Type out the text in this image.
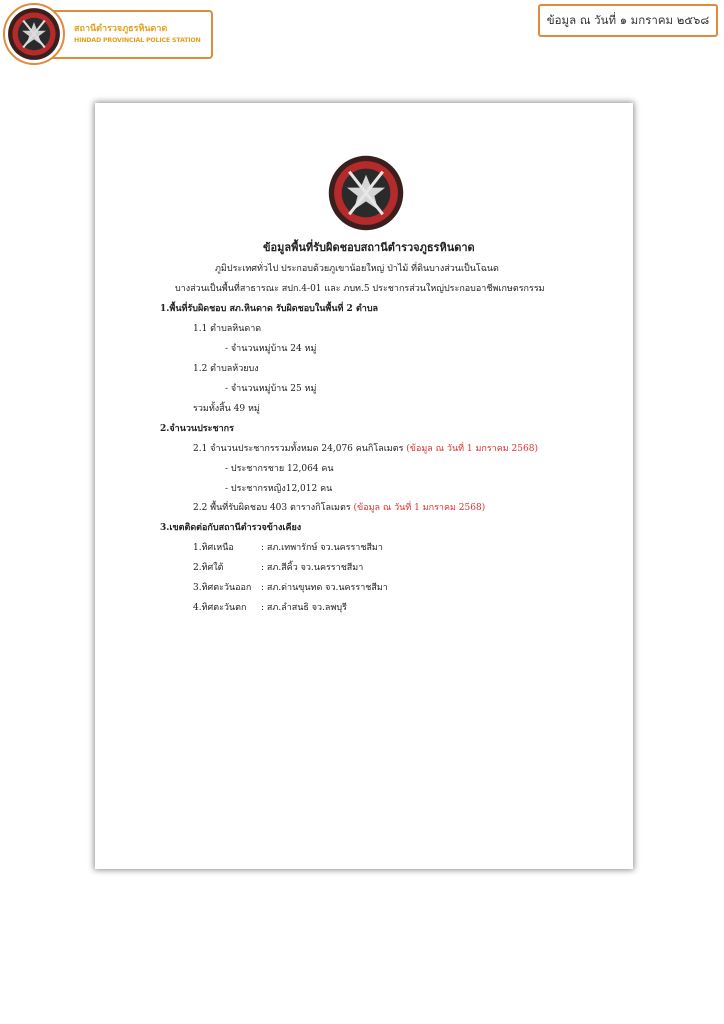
สถานีตำรวจภูธรหินดาด
HINDAD PROVINCIAL POLICE STATION
ข้อมูล ณ วันที่ ๑ มกราคม ๒๕๖๘
ข้อมูลพื้นที่รับผิดชอบสถานีตำรวจภูธรหินดาด
ภูมิประเทศทั่วไป ประกอบด้วยภูเขาน้อยใหญ่ ป่าไม้ ที่ดินบางส่วนเป็นโฉนด
บางส่วนเป็นพื้นที่สาธารณะ สปก.4-01 และ ภบท.5 ประชากรส่วนใหญ่ประกอบอาชีพเกษตรกรรม
1.พื้นที่รับผิดชอบ สภ.หินดาด รับผิดชอบในพื้นที่ 2 ตำบล
1.1 ตำบลหินดาด
- จำนวนหมู่บ้าน 24 หมู่
1.2 ตำบลห้วยบง
- จำนวนหมู่บ้าน 25 หมู่
รวมทั้งสิ้น 49 หมู่
2.จำนวนประชากร
2.1 จำนวนประชากรรวมทั้งหมด 24,076 คนกิโลเมตร (ข้อมูล ณ วันที่ 1 มกราคม 2568)
- ประชากรชาย 12,064 คน
- ประชากรหญิง12,012 คน
2.2 พื้นที่รับผิดชอบ 403 ตารางกิโลเมตร (ข้อมูล ณ วันที่ 1 มกราคม 2568)
3.เขตติดต่อกับสถานีตำรวจข้างเคียง
1.ทิศเหนือ	: สภ.เทพารักษ์ จว.นครราชสีมา
2.ทิศใต้	: สภ.สีคิ้ว จว.นครราชสีมา
3.ทิศตะวันออก : สภ.ด่านขุนทด จว.นครราชสีมา
4.ทิศตะวันตก : สภ.ลำสนธิ จว.ลพบุรี
